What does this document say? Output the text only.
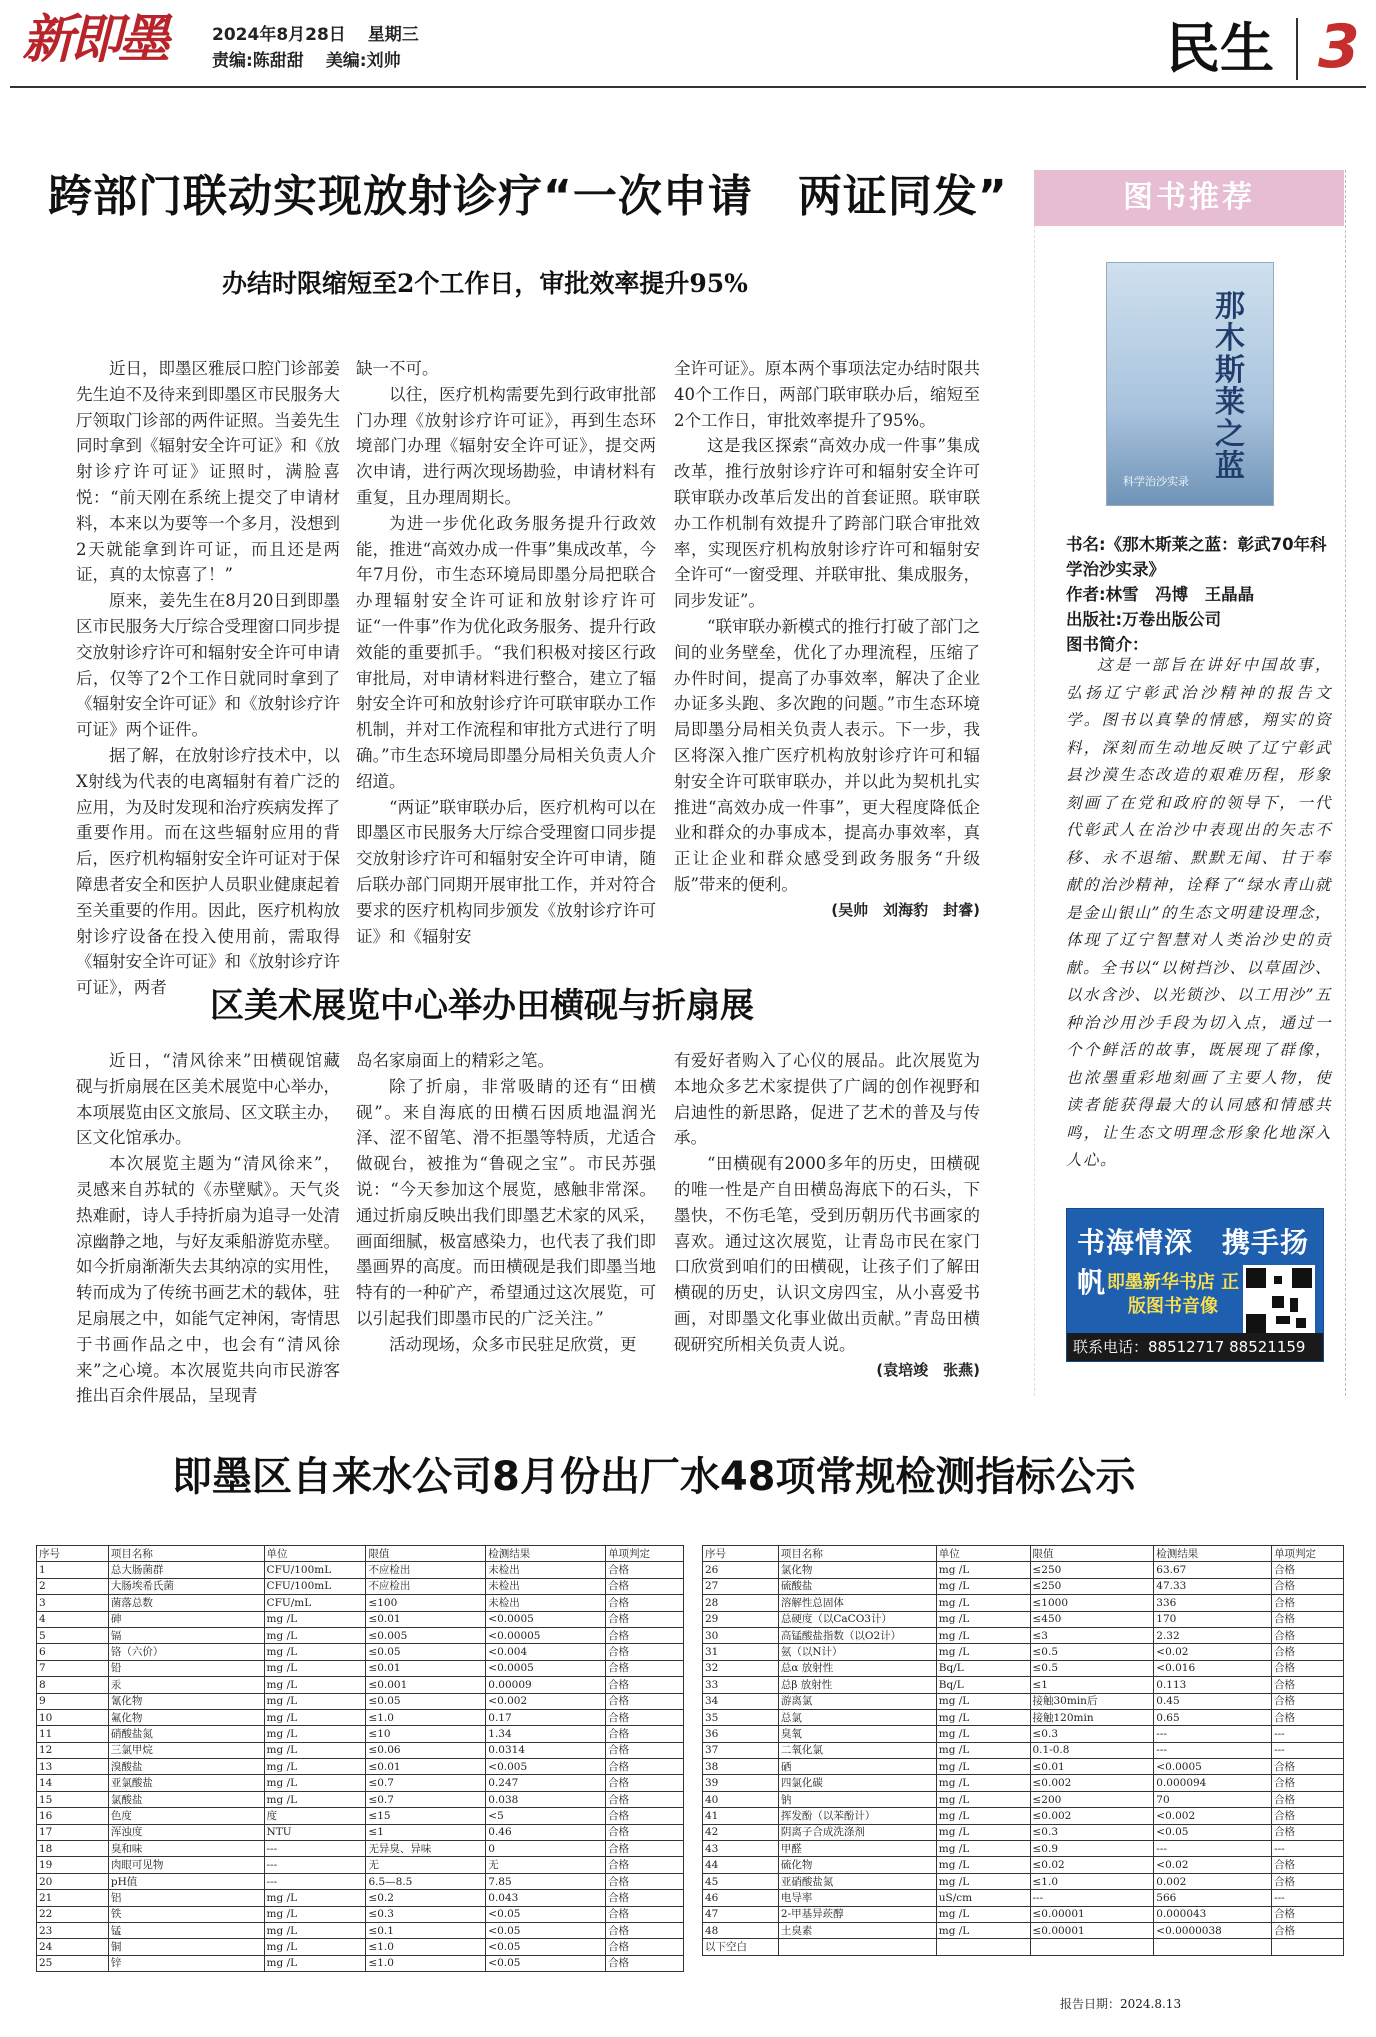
新即墨	2024年8月28日 星期三
责编:陈甜甜 美编:刘帅	民生 3
跨部门联动实现放射诊疗“一次申请　两证同发”
办结时限缩短至2个工作日，审批效率提升95%

近日，即墨区雅辰口腔门诊部姜先生迫不及待来到即墨区市民服务大厅领取门诊部的两件证照。当姜先生同时拿到《辐射安全许可证》和《放射诊疗许可证》证照时，满脸喜悦：“前天刚在系统上提交了申请材料，本来以为要等一个多月，没想到2天就能拿到许可证，而且还是两证，真的太惊喜了！”

原来，姜先生在8月20日到即墨区市民服务大厅综合受理窗口同步提交放射诊疗许可和辐射安全许可申请后，仅等了2个工作日就同时拿到了《辐射安全许可证》和《放射诊疗许可证》两个证件。

据了解，在放射诊疗技术中，以X射线为代表的电离辐射有着广泛的应用，为及时发现和治疗疾病发挥了重要作用。而在这些辐射应用的背后，医疗机构辐射安全许可证对于保障患者安全和医护人员职业健康起着至关重要的作用。因此，医疗机构放射诊疗设备在投入使用前，需取得《辐射安全许可证》和《放射诊疗许可证》，两者

缺一不可。

以往，医疗机构需要先到行政审批部门办理《放射诊疗许可证》，再到生态环境部门办理《辐射安全许可证》，提交两次申请，进行两次现场勘验，申请材料有重复，且办理周期长。

为进一步优化政务服务提升行政效能，推进“高效办成一件事”集成改革，今年7月份，市生态环境局即墨分局把联合办理辐射安全许可证和放射诊疗许可证“一件事”作为优化政务服务、提升行政效能的重要抓手。“我们积极对接区行政审批局，对申请材料进行整合，建立了辐射安全许可和放射诊疗许可联审联办工作机制，并对工作流程和审批方式进行了明确。”市生态环境局即墨分局相关负责人介绍道。

“两证”联审联办后，医疗机构可以在即墨区市民服务大厅综合受理窗口同步提交放射诊疗许可和辐射安全许可申请，随后联办部门同期开展审批工作，并对符合要求的医疗机构同步颁发《放射诊疗许可证》和《辐射安

全许可证》。原本两个事项法定办结时限共40个工作日，两部门联审联办后，缩短至2个工作日，审批效率提升了95%。

这是我区探索“高效办成一件事”集成改革，推行放射诊疗许可和辐射安全许可联审联办改革后发出的首套证照。联审联办工作机制有效提升了跨部门联合审批效率，实现医疗机构放射诊疗许可和辐射安全许可“一窗受理、并联审批、集成服务，同步发证”。

“联审联办新模式的推行打破了部门之间的业务壁垒，优化了办理流程，压缩了办件时间，提高了办事效率，解决了企业办证多头跑、多次跑的问题。”市生态环境局即墨分局相关负责人表示。下一步，我区将深入推广医疗机构放射诊疗许可和辐射安全许可联审联办，并以此为契机扎实推进“高效办成一件事”，更大程度降低企业和群众的办事成本，提高办事效率，真正让企业和群众感受到政务服务“升级版”带来的便利。

(吴帅　刘海豹　封睿)
区美术展览中心举办田横砚与折扇展

近日，“清风徐来”田横砚馆藏砚与折扇展在区美术展览中心举办，本项展览由区文旅局、区文联主办，区文化馆承办。

本次展览主题为“清风徐来”，灵感来自苏轼的《赤壁赋》。天气炎热难耐，诗人手持折扇为追寻一处清凉幽静之地，与好友乘船游览赤壁。如今折扇渐渐失去其纳凉的实用性，转而成为了传统书画艺术的载体，驻足扇展之中，如能气定神闲，寄情思于书画作品之中，也会有“清风徐来”之心境。本次展览共向市民游客推出百余件展品，呈现青

岛名家扇面上的精彩之笔。

除了折扇，非常吸睛的还有“田横砚”。来自海底的田横石因质地温润光泽、涩不留笔、滑不拒墨等特质，尤适合做砚台，被推为“鲁砚之宝”。市民苏强说：“今天参加这个展览，感触非常深。通过折扇反映出我们即墨艺术家的风采，画面细腻，极富感染力，也代表了我们即墨画界的高度。而田横砚是我们即墨当地特有的一种矿产，希望通过这次展览，可以引起我们即墨市民的广泛关注。”

活动现场，众多市民驻足欣赏，更

有爱好者购入了心仪的展品。此次展览为本地众多艺术家提供了广阔的创作视野和启迪性的新思路，促进了艺术的普及与传承。

“田横砚有2000多年的历史，田横砚的唯一性是产自田横岛海底下的石头，下墨快，不伤毛笔，受到历朝历代书画家的喜欢。通过这次展览，让青岛市民在家门口欣赏到咱们的田横砚，让孩子们了解田横砚的历史，认识文房四宝，从小喜爱书画，对即墨文化事业做出贡献。”青岛田横砚研究所相关负责人说。

(袁培竣　张燕)
图书推荐
那木斯莱之蓝
科学治沙实录
书名:《那木斯莱之蓝：彰武70年科学治沙实录》
作者:林雪　冯博　王晶晶
出版社:万卷出版公司
图书简介：

这是一部旨在讲好中国故事，弘扬辽宁彰武治沙精神的报告文学。图书以真挚的情感，翔实的资料，深刻而生动地反映了辽宁彰武县沙漠生态改造的艰难历程，形象刻画了在党和政府的领导下，一代代彰武人在治沙中表现出的矢志不移、永不退缩、默默无闻、甘于奉献的治沙精神，诠释了“绿水青山就是金山银山”的生态文明建设理念，体现了辽宁智慧对人类治沙史的贡献。全书以“以树挡沙、以草固沙、以水含沙、以光锁沙、以工用沙”五种治沙用沙手段为切入点，通过一个个鲜活的故事，既展现了群像，也浓墨重彩地刻画了主要人物，使读者能获得最大的认同感和情感共鸣，让生态文明理念形象化地深入人心。

书海情深　携手扬帆 即墨新华书店 正版图书音像
联系电话：88512717 88521159
即墨区自来水公司8月份出厂水48项常规检测指标公示
序号	项目名称	单位	限值	检测结果	单项判定
1	总大肠菌群	CFU/100mL	不应检出	未检出	合格
2	大肠埃希氏菌	CFU/100mL	不应检出	未检出	合格
3	菌落总数	CFU/mL	≤100	未检出	合格
4	砷	mg /L	≤0.01	<0.0005	合格
5	镉	mg /L	≤0.005	<0.00005	合格
6	铬（六价）	mg /L	≤0.05	<0.004	合格
7	铅	mg /L	≤0.01	<0.0005	合格
8	汞	mg /L	≤0.001	0.00009	合格
9	氰化物	mg /L	≤0.05	<0.002	合格
10	氟化物	mg /L	≤1.0	0.17	合格
11	硝酸盐氮	mg /L	≤10	1.34	合格
12	三氯甲烷	mg /L	≤0.06	0.0314	合格
13	溴酸盐	mg /L	≤0.01	<0.005	合格
14	亚氯酸盐	mg /L	≤0.7	0.247	合格
15	氯酸盐	mg /L	≤0.7	0.038	合格
16	色度	度	≤15	<5	合格
17	浑浊度	NTU	≤1	0.46	合格
18	臭和味	---	无异臭、异味	0	合格
19	肉眼可见物	---	无	无	合格
20	pH值	---	6.5—8.5	7.85	合格
21	铝	mg /L	≤0.2	0.043	合格
22	铁	mg /L	≤0.3	<0.05	合格
23	锰	mg /L	≤0.1	<0.05	合格
24	铜	mg /L	≤1.0	<0.05	合格
25	锌	mg /L	≤1.0	<0.05	合格
序号	项目名称	单位	限值	检测结果	单项判定
26	氯化物	mg /L	≤250	63.67	合格
27	硫酸盐	mg /L	≤250	47.33	合格
28	溶解性总固体	mg /L	≤1000	336	合格
29	总硬度（以CaCO3计）	mg /L	≤450	170	合格
30	高锰酸盐指数（以O2计）	mg /L	≤3	2.32	合格
31	氨（以N计）	mg /L	≤0.5	<0.02	合格
32	总α 放射性	Bq/L	≤0.5	<0.016	合格
33	总β 放射性	Bq/L	≤1	0.113	合格
34	游离氯	mg /L	接触30min后	0.45	合格
35	总氯	mg /L	接触120min	0.65	合格
36	臭氧	mg /L	≤0.3	---	---
37	二氧化氯	mg /L	0.1-0.8	---	---
38	硒	mg /L	≤0.01	<0.0005	合格
39	四氯化碳	mg /L	≤0.002	0.000094	合格
40	钠	mg /L	≤200	70	合格
41	挥发酚（以苯酚计）	mg /L	≤0.002	<0.002	合格
42	阴离子合成洗涤剂	mg /L	≤0.3	<0.05	合格
43	甲醛	mg /L	≤0.9	---	---
44	硫化物	mg /L	≤0.02	<0.02	合格
45	亚硝酸盐氮	mg /L	≤1.0	0.002	合格
46	电导率	uS/cm	---	566	---
47	2-甲基异莰醇	mg /L	≤0.00001	0.000043	合格
48	土臭素	mg /L	≤0.00001	<0.0000038	合格
以下空白					
报告日期：2024.8.13
